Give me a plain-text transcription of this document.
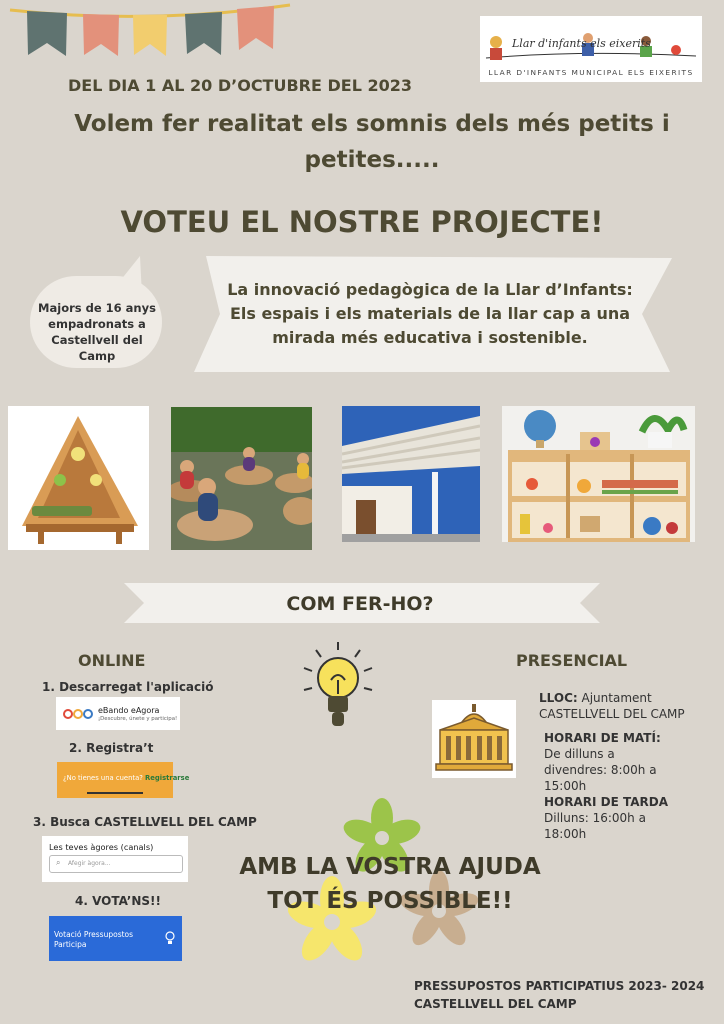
Llar d'infants els eixerits
LLAR D'INFANTS MUNICIPAL ELS EIXERITS
DEL DIA 1 AL 20 D’OCTUBRE DEL 2023
Volem fer realitat els somnis dels més petits i
petites.....
VOTEU EL NOSTRE PROJECTE!
Majors de 16 anys
empadronats a
Castellvell del Camp
La innovació pedagògica de la Llar d’Infants:
Els espais i els materials de la llar cap a una
mirada més educativa i sostenible.
COM FER-HO?
ONLINE
1. Descarregat l'aplicació
eBando eAgora
¡Descubre, únete y participa!
2. Registra’t
¿No tienes una cuenta? Registrarse
3. Busca CASTELLVELL DEL CAMP
Les teves àgores (canals)
⌕ Afegir àgora...
4. VOTA’NS!!
Votació Pressupostos Participa
PRESENCIAL
LLOC: Ajuntament
CASTELLVELL DEL CAMP
HORARI DE MATÍ:
De dilluns a
divendres: 8:00h a
15:00h
HORARI DE TARDA
Dilluns: 16:00h a
18:00h
AMB LA VOSTRA AJUDA
TOT ÉS POSSIBLE!!
PRESSUPOSTOS PARTICIPATIUS 2023- 2024
CASTELLVELL DEL CAMP
